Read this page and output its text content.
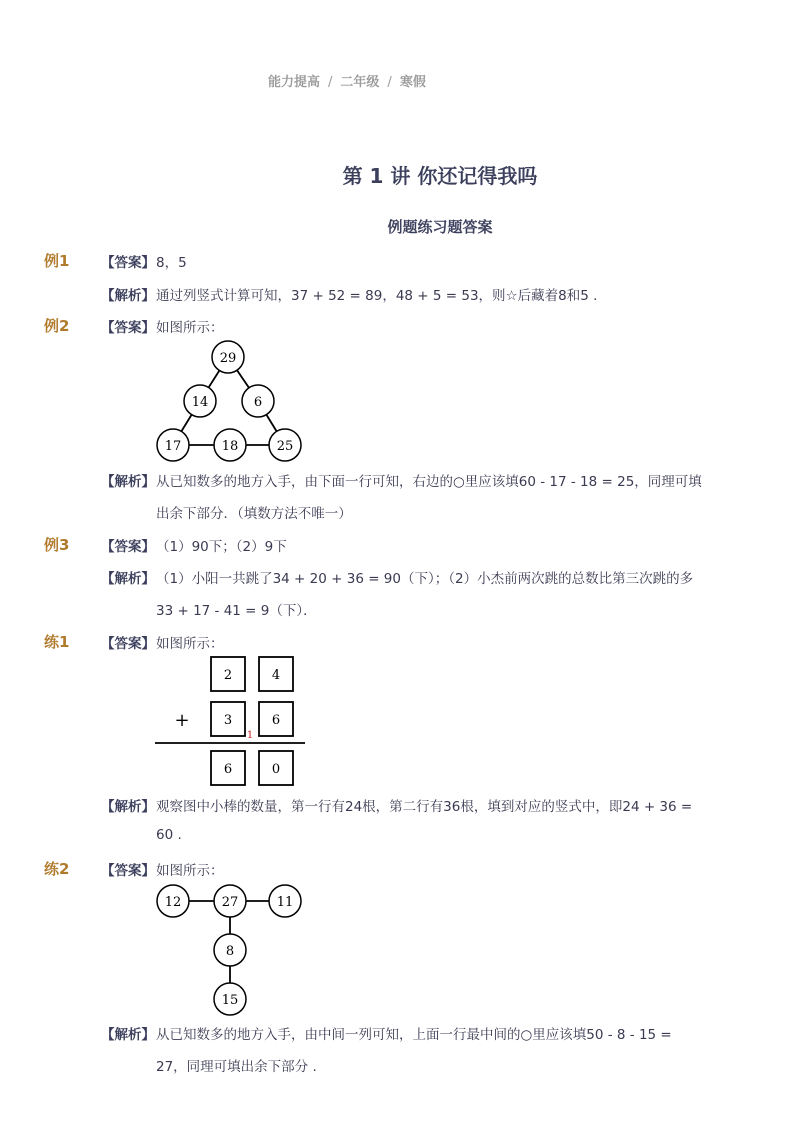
能力提高 / 二年级 / 寒假
第 1 讲 你还记得我吗
例题练习题答案
例1 【答案】 8，5
【解析】 通过列竖式计算可知，37 + 52 = 89，48 + 5 = 53，则☆后藏着8和5 .
例2 【答案】 如图所示：
29
14	6
17	18	25
【解析】 从已知数多的地方入手，由下面一行可知，右边的○里应该填60 - 17 - 18 = 25，同理可填
出余下部分．（填数方法不唯一）
例3 【答案】 （1）90下；（2）9下
【解析】 （1）小阳一共跳了34 + 20 + 36 = 90（下）；（2）小杰前两次跳的总数比第三次跳的多
33 + 17 - 41 = 9（下）．
练1 【答案】 如图所示：
2	4
3	6
6	0
+
1
【解析】 观察图中小棒的数量，第一行有24根，第二行有36根，填到对应的竖式中，即24 + 36 =
60 .
练2 【答案】 如图所示：
12	27	11
8
15
【解析】 从已知数多的地方入手，由中间一列可知，上面一行最中间的○里应该填50 - 8 - 15 =
27，同理可填出余下部分 .
